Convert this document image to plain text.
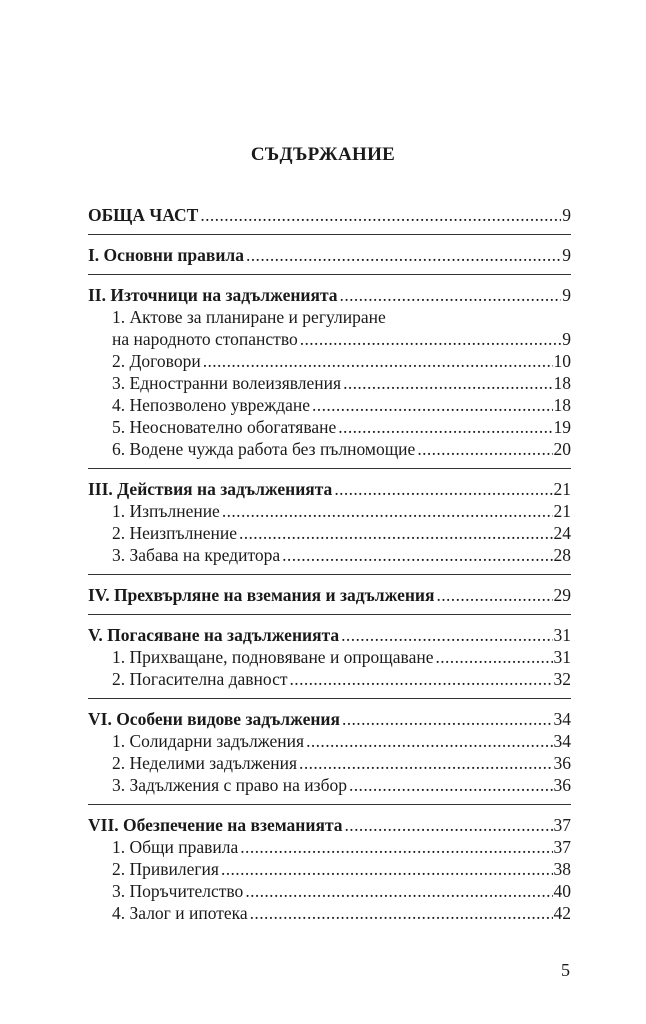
СЪДЪРЖАНИЕ
ОБЩА ЧАСТ .....	9
I. Основни правила .....	9
II. Източници на задълженията .....	9
1. Актове за планиране и регулиране
на народното стопанство .....	9
2. Договори .....	10
3. Едностранни волеизявления .....	18
4. Непозволено увреждане .....	18
5. Неоснователно обогатяване .....	19
6. Водене чужда работа без пълномощие .....	20
III. Действия на задълженията .....	21
1. Изпълнение .....	21
2. Неизпълнение .....	24
3. Забава на кредитора .....	28
IV. Прехвърляне на вземания и задължения .....	29
V. Погасяване на задълженията .....	31
1. Прихващане, подновяване и опрощаване .....	31
2. Погасителна давност .....	32
VI. Особени видове задължения .....	34
1. Солидарни задължения .....	34
2. Неделими задължения .....	36
3. Задължения с право на избор .....	36
VII. Обезпечение на вземанията .....	37
1. Общи правила .....	37
2. Привилегия .....	38
3. Поръчителство .....	40
4. Залог и ипотека .....	42
5
